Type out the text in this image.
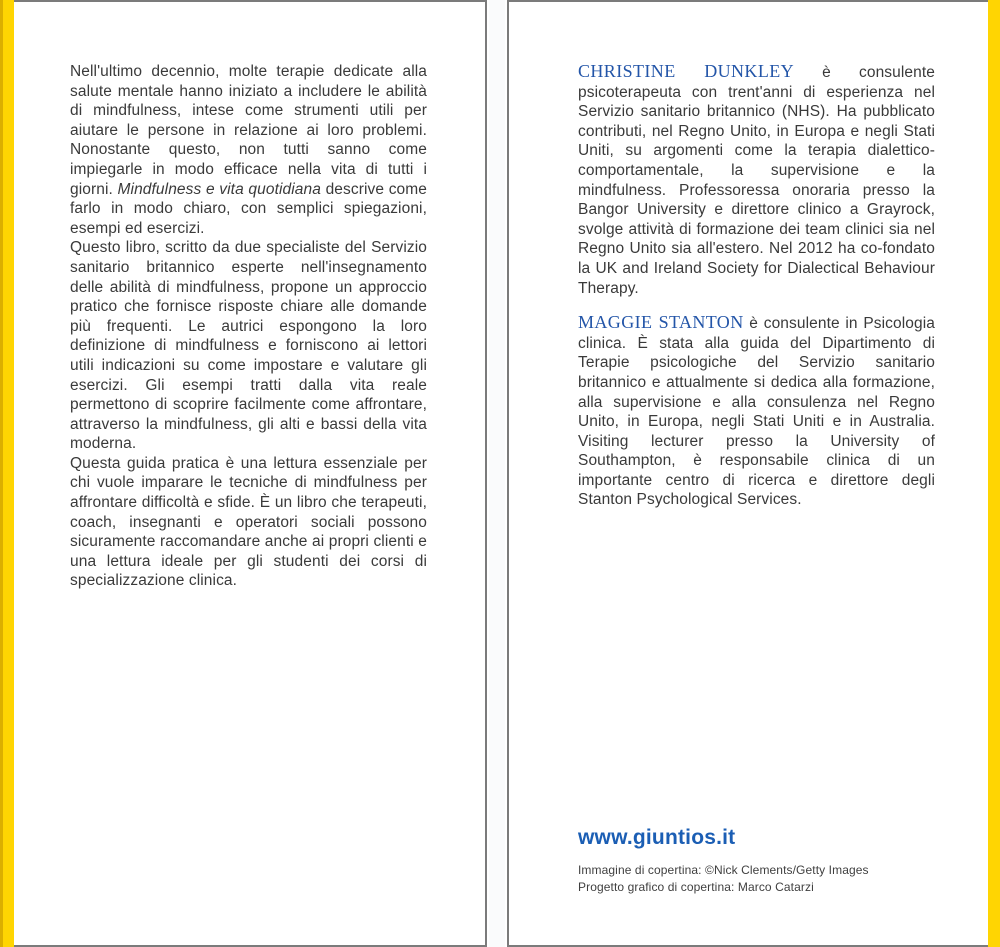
Nell'ultimo decennio, molte terapie dedicate alla salute mentale hanno iniziato a includere le abilità di mindfulness, intese come strumenti utili per aiutare le persone in relazione ai loro problemi. Nonostante questo, non tutti sanno come impiegarle in modo efficace nella vita di tutti i giorni. Mindfulness e vita quotidiana descrive come farlo in modo chiaro, con semplici spiegazioni, esempi ed esercizi.

Questo libro, scritto da due specialiste del Servizio sanitario britannico esperte nell'insegnamento delle abilità di mindfulness, propone un approccio pratico che fornisce risposte chiare alle domande più frequenti. Le autrici espongono la loro definizione di mindfulness e forniscono ai lettori utili indicazioni su come impostare e valutare gli esercizi. Gli esempi tratti dalla vita reale permettono di scoprire facilmente come affrontare, attraverso la mindfulness, gli alti e bassi della vita moderna.

Questa guida pratica è una lettura essenziale per chi vuole imparare le tecniche di mindfulness per affrontare difficoltà e sfide. È un libro che terapeuti, coach, insegnanti e operatori sociali possono sicuramente raccomandare anche ai propri clienti e una lettura ideale per gli studenti dei corsi di specializzazione clinica.

CHRISTINE DUNKLEY è consulente psicoterapeuta con trent'anni di esperienza nel Servizio sanitario britannico (NHS). Ha pubblicato contributi, nel Regno Unito, in Europa e negli Stati Uniti, su argomenti come la terapia dialettico-comportamentale, la supervisione e la mindfulness. Professoressa onoraria presso la Bangor University e direttore clinico a Grayrock, svolge attività di formazione dei team clinici sia nel Regno Unito sia all'estero. Nel 2012 ha co-fondato la UK and Ireland Society for Dialectical Behaviour Therapy.

MAGGIE STANTON è consulente in Psicologia clinica. È stata alla guida del Dipartimento di Terapie psicologiche del Servizio sanitario britannico e attualmente si dedica alla formazione, alla supervisione e alla consulenza nel Regno Unito, in Europa, negli Stati Uniti e in Australia. Visiting lecturer presso la University of Southampton, è responsabile clinica di un importante centro di ricerca e direttore degli Stanton Psychological Services.

www.giuntios.it
Immagine di copertina: ©Nick Clements/Getty Images
Progetto grafico di copertina: Marco Catarzi
